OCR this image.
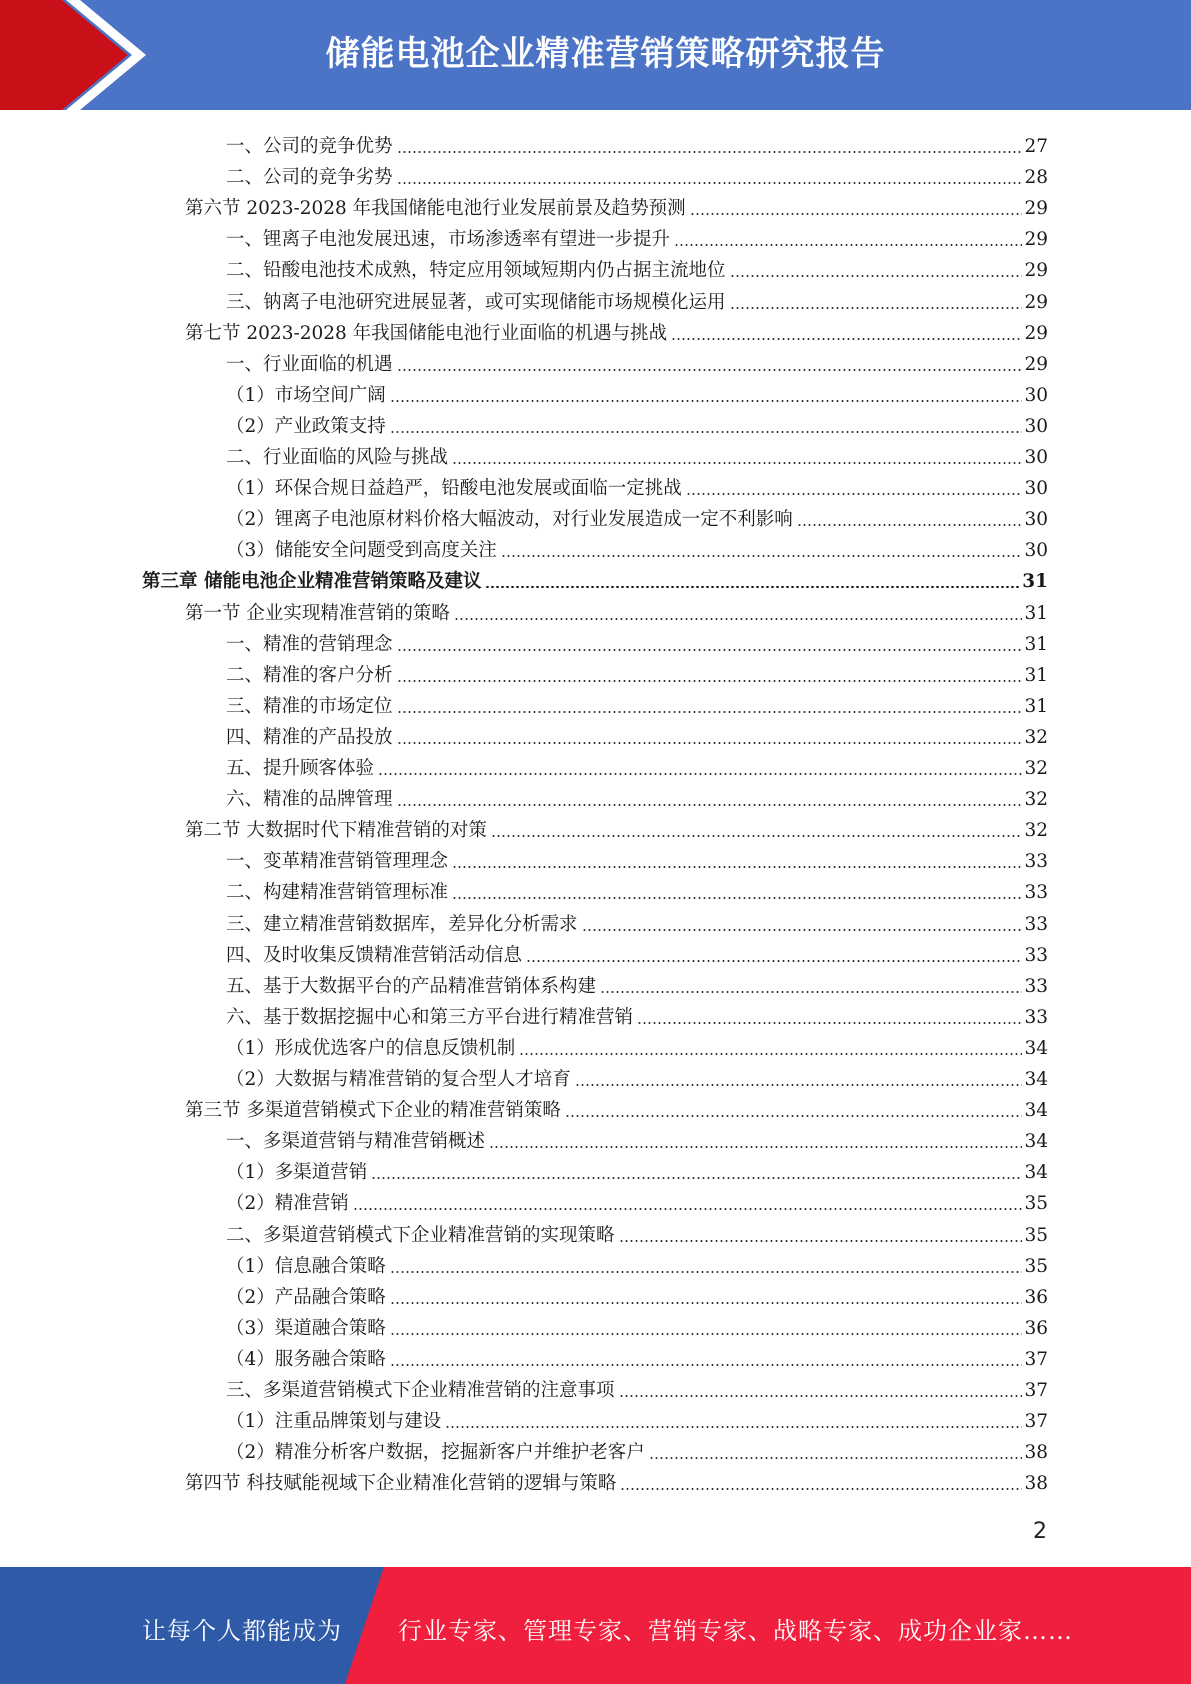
储能电池企业精准营销策略研究报告
一、公司的竞争优势	27
二、公司的竞争劣势	28
第六节 2023-2028 年我国储能电池行业发展前景及趋势预测	29
一、锂离子电池发展迅速，市场渗透率有望进一步提升	29
二、铅酸电池技术成熟，特定应用领域短期内仍占据主流地位	29
三、钠离子电池研究进展显著，或可实现储能市场规模化运用	29
第七节 2023-2028 年我国储能电池行业面临的机遇与挑战	29
一、行业面临的机遇	29
（1）市场空间广阔	30
（2）产业政策支持	30
二、行业面临的风险与挑战	30
（1）环保合规日益趋严，铅酸电池发展或面临一定挑战	30
（2）锂离子电池原材料价格大幅波动，对行业发展造成一定不利影响	30
（3）储能安全问题受到高度关注	30
第三章 储能电池企业精准营销策略及建议	31
第一节 企业实现精准营销的策略	31
一、精准的营销理念	31
二、精准的客户分析	31
三、精准的市场定位	31
四、精准的产品投放	32
五、提升顾客体验	32
六、精准的品牌管理	32
第二节 大数据时代下精准营销的对策	32
一、变革精准营销管理理念	33
二、构建精准营销管理标准	33
三、建立精准营销数据库，差异化分析需求	33
四、及时收集反馈精准营销活动信息	33
五、基于大数据平台的产品精准营销体系构建	33
六、基于数据挖掘中心和第三方平台进行精准营销	33
（1）形成优选客户的信息反馈机制	34
（2）大数据与精准营销的复合型人才培育	34
第三节 多渠道营销模式下企业的精准营销策略	34
一、多渠道营销与精准营销概述	34
（1）多渠道营销	34
（2）精准营销	35
二、多渠道营销模式下企业精准营销的实现策略	35
（1）信息融合策略	35
（2）产品融合策略	36
（3）渠道融合策略	36
（4）服务融合策略	37
三、多渠道营销模式下企业精准营销的注意事项	37
（1）注重品牌策划与建设	37
（2）精准分析客户数据，挖掘新客户并维护老客户	38
第四节 科技赋能视域下企业精准化营销的逻辑与策略	38
2
让每个人都能成为 行业专家、管理专家、营销专家、战略专家、成功企业家……
